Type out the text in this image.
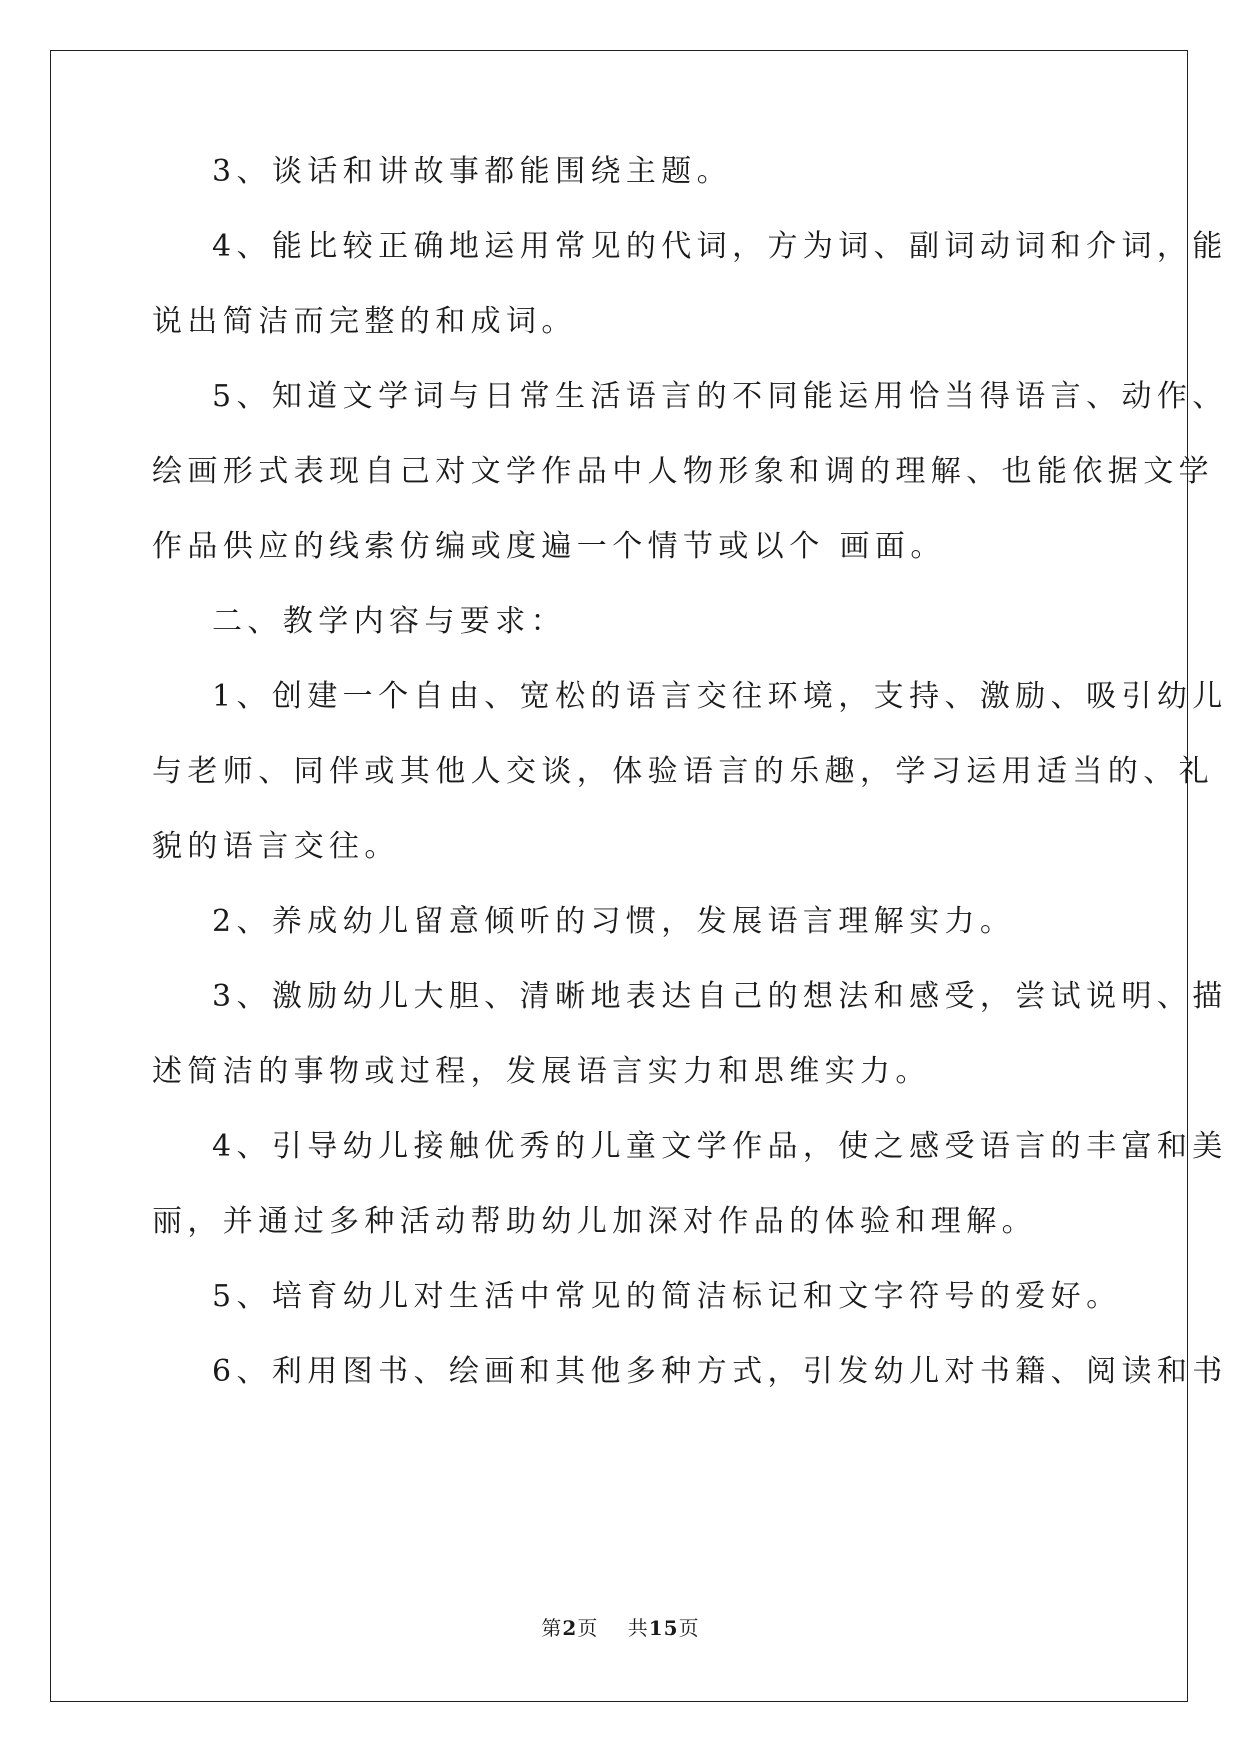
3、谈话和讲故事都能围绕主题。
4、能比较正确地运用常见的代词，方为词、副词动词和介词，能
说出简洁而完整的和成词。
5、知道文学词与日常生活语言的不同能运用恰当得语言、动作、
绘画形式表现自己对文学作品中人物形象和调的理解、也能依据文学
作品供应的线索仿编或度遍一个情节或以个 画面。
二、教学内容与要求：
1、创建一个自由、宽松的语言交往环境，支持、激励、吸引幼儿
与老师、同伴或其他人交谈，体验语言的乐趣，学习运用适当的、礼
貌的语言交往。
2、养成幼儿留意倾听的习惯，发展语言理解实力。
3、激励幼儿大胆、清晰地表达自己的想法和感受，尝试说明、描
述简洁的事物或过程，发展语言实力和思维实力。
4、引导幼儿接触优秀的儿童文学作品，使之感受语言的丰富和美
丽，并通过多种活动帮助幼儿加深对作品的体验和理解。
5、培育幼儿对生活中常见的简洁标记和文字符号的爱好。
6、利用图书、绘画和其他多种方式，引发幼儿对书籍、阅读和书
第2页 共15页
